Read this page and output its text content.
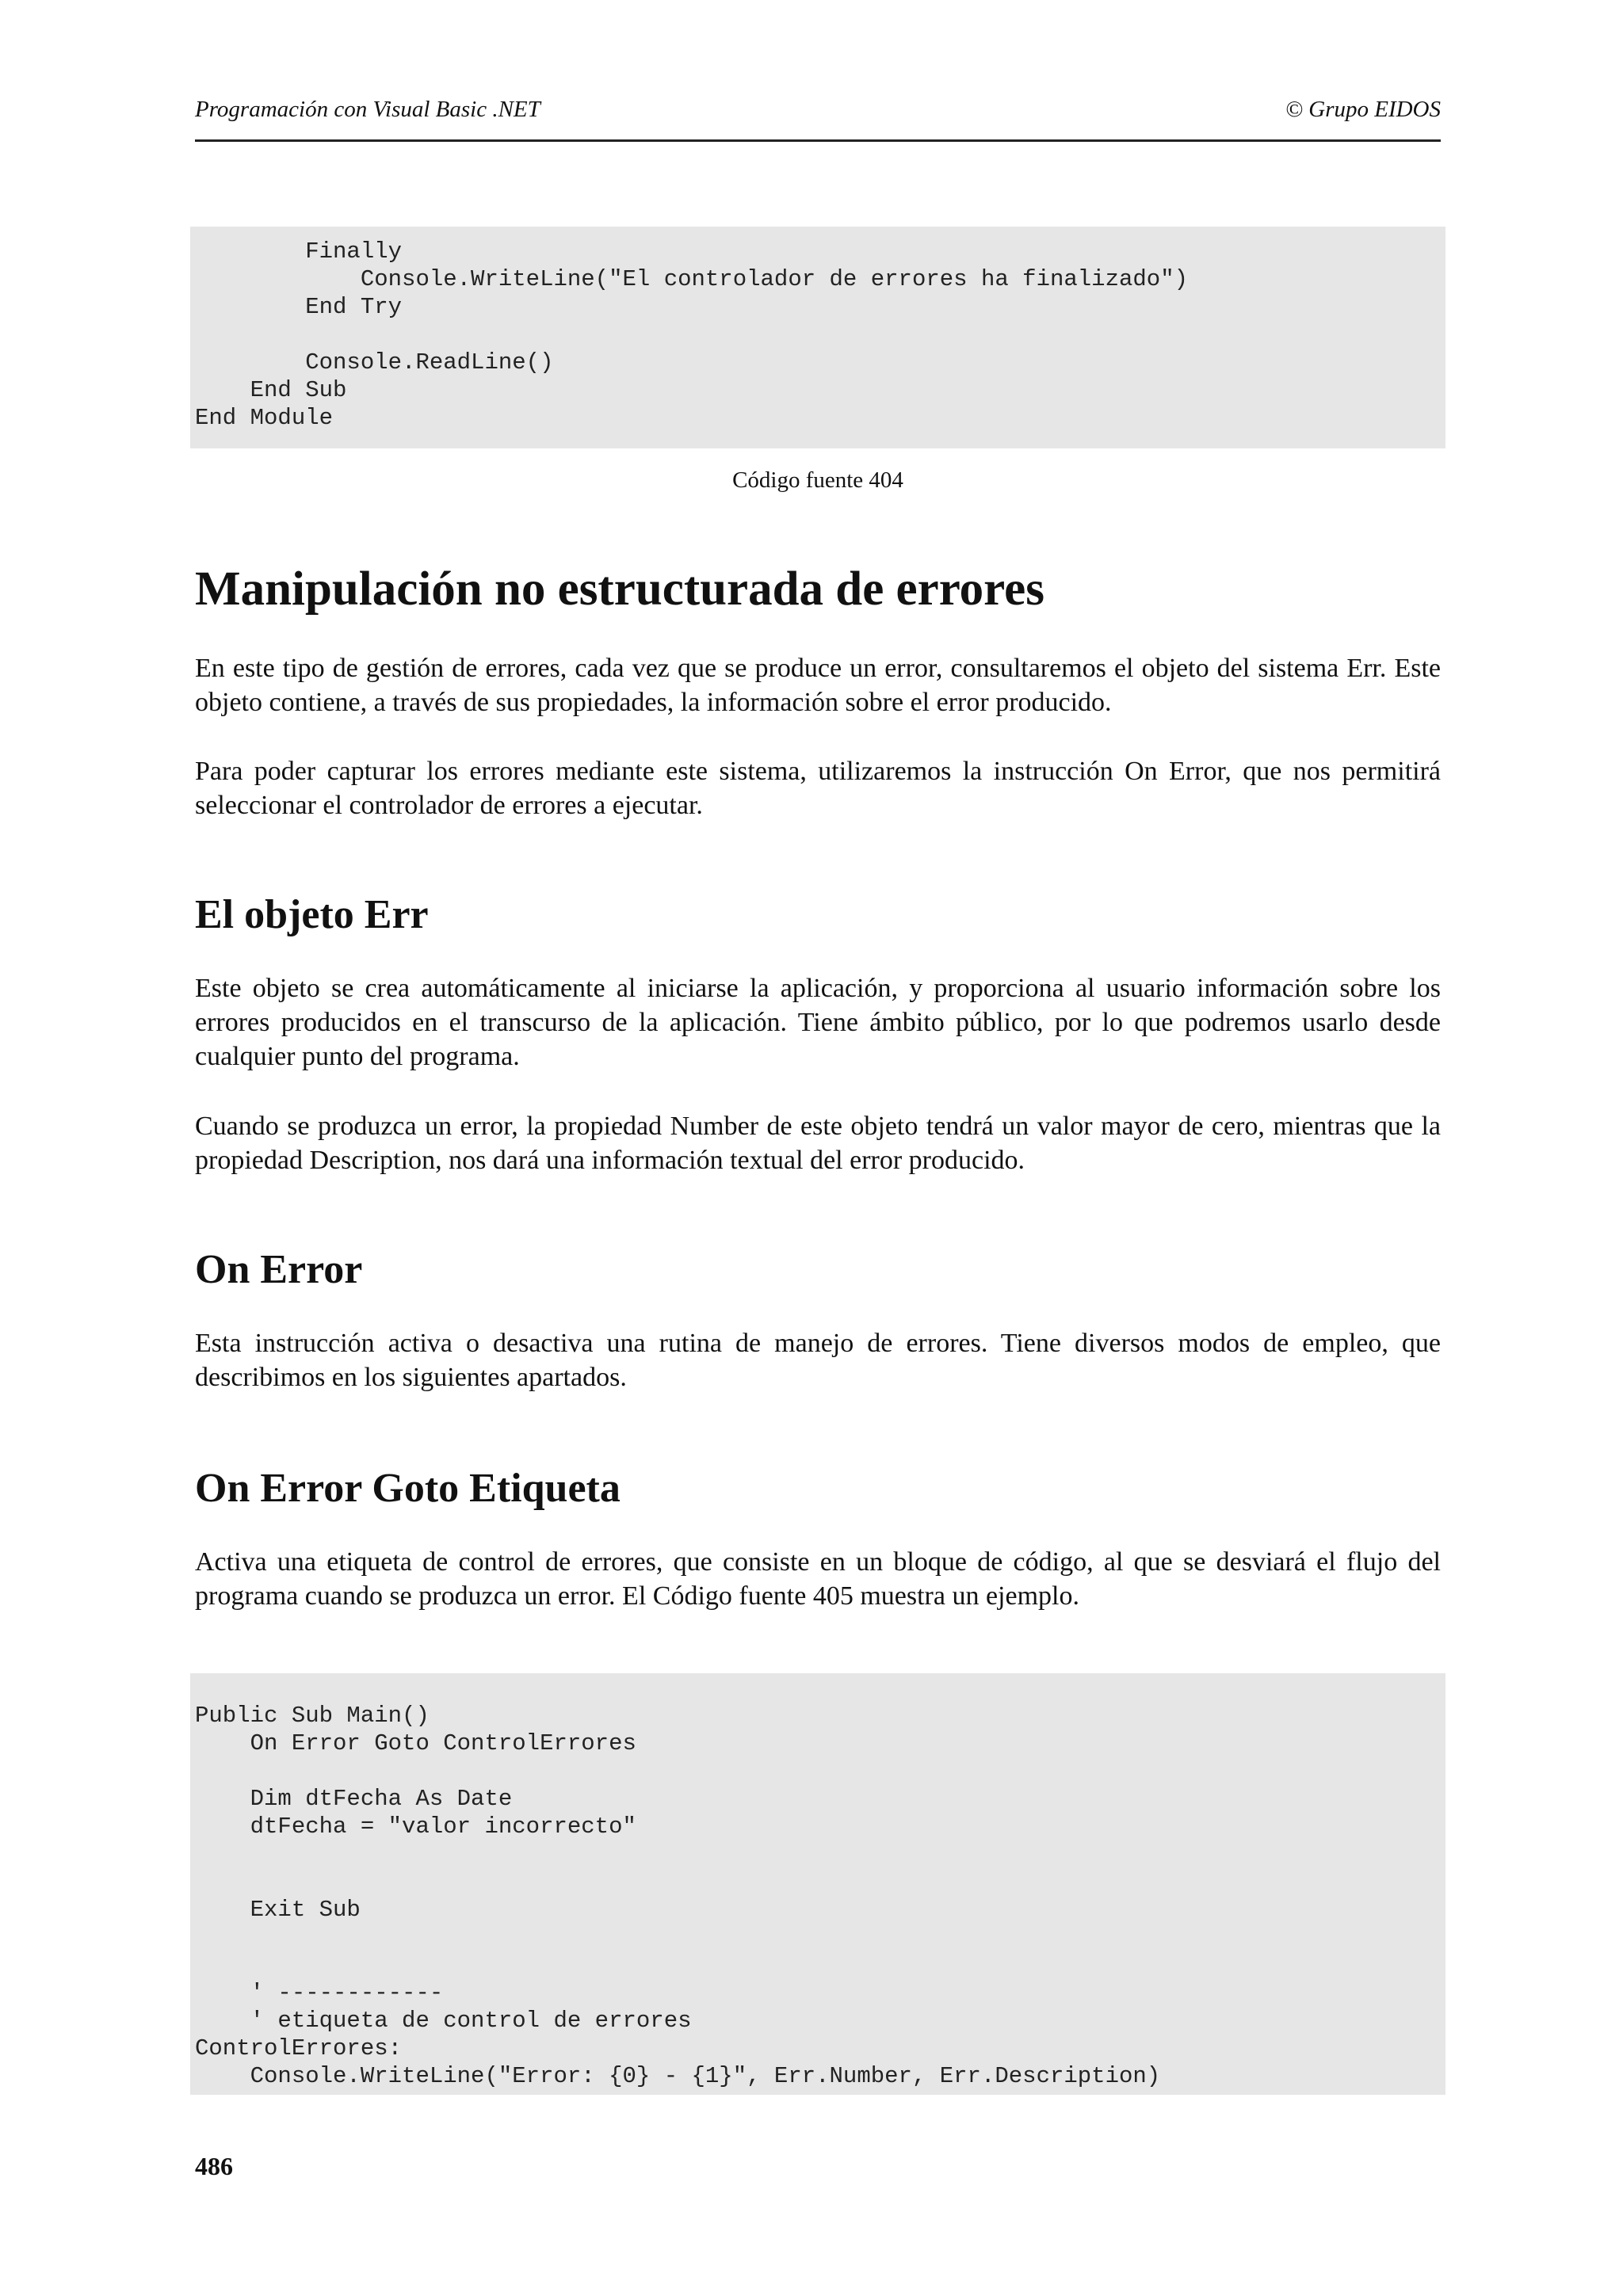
Programación con Visual Basic .NET	© Grupo EIDOS
Finally
Console.WriteLine("El controlador de errores ha finalizado")
End Try
Console.ReadLine()
End Sub
End Module
Código fuente 404
Manipulación no estructurada de errores

En este tipo de gestión de errores, cada vez que se produce un error, consultaremos el objeto del sistema Err. Este objeto contiene, a través de sus propiedades, la información sobre el error producido.

Para poder capturar los errores mediante este sistema, utilizaremos la instrucción On Error, que nos permitirá seleccionar el controlador de errores a ejecutar.

El objeto Err

Este objeto se crea automáticamente al iniciarse la aplicación, y proporciona al usuario información sobre los errores producidos en el transcurso de la aplicación. Tiene ámbito público, por lo que podremos usarlo desde cualquier punto del programa.

Cuando se produzca un error, la propiedad Number de este objeto tendrá un valor mayor de cero, mientras que la propiedad Description, nos dará una información textual del error producido.

On Error

Esta instrucción activa o desactiva una rutina de manejo de errores. Tiene diversos modos de empleo, que describimos en los siguientes apartados.

On Error Goto Etiqueta

Activa una etiqueta de control de errores, que consiste en un bloque de código, al que se desviará el flujo del programa cuando se produzca un error. El Código fuente 405 muestra un ejemplo.

Public Sub Main()
On Error Goto ControlErrores
Dim dtFecha As Date
dtFecha = "valor incorrecto"
Exit Sub
' ------------
' etiqueta de control de errores
ControlErrores:
Console.WriteLine("Error: {0} - {1}", Err.Number, Err.Description)
486
